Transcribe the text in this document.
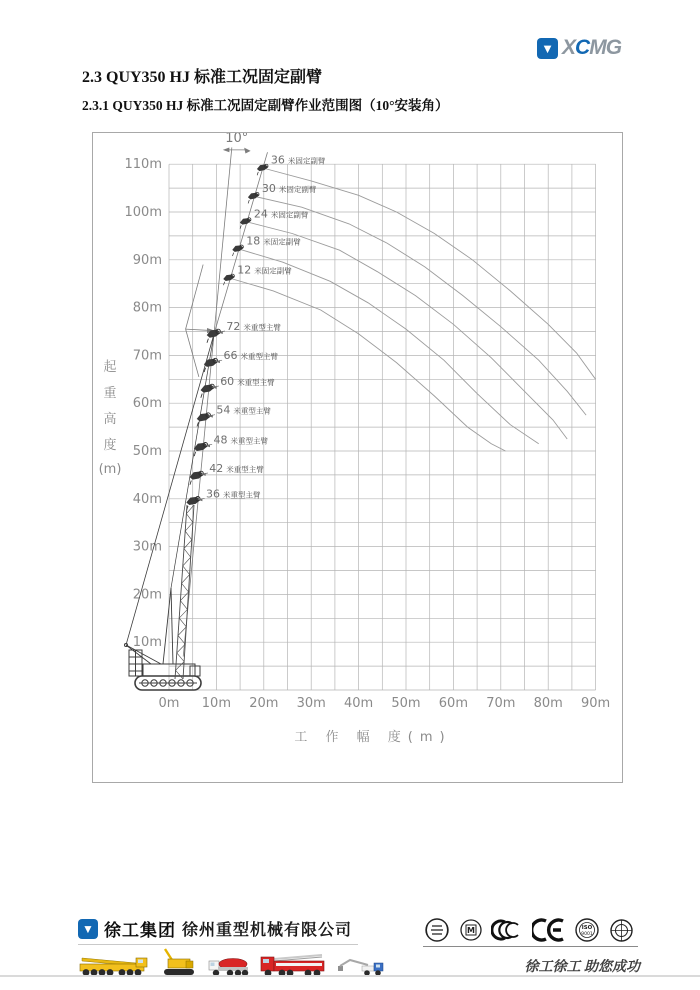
▼ XCMG
2.3 QUY350 HJ 标准工况固定副臂
2.3.1 QUY350 HJ 标准工况固定副臂作业范围图（10°安装角）
0m 10m 20m 30m 40m 50m 60m 70m 80m 90m
10m
20m
30m
40m
50m
60m
70m
80m
90m
100m
110m
起
重
高
度
(m)
工 作 幅 度(m)
10°
36 米固定副臂
30 米固定副臂
24 米固定副臂
18 米固定副臂
12 米固定副臂
72 米重型主臂
66 米重型主臂
60 米重型主臂
54 米重型主臂
48 米重型主臂
42 米重型主臂
36 米重型主臂
▼ 徐工集团 徐州重型机械有限公司	M	ISO
9001
徐工徐工 助您成功
